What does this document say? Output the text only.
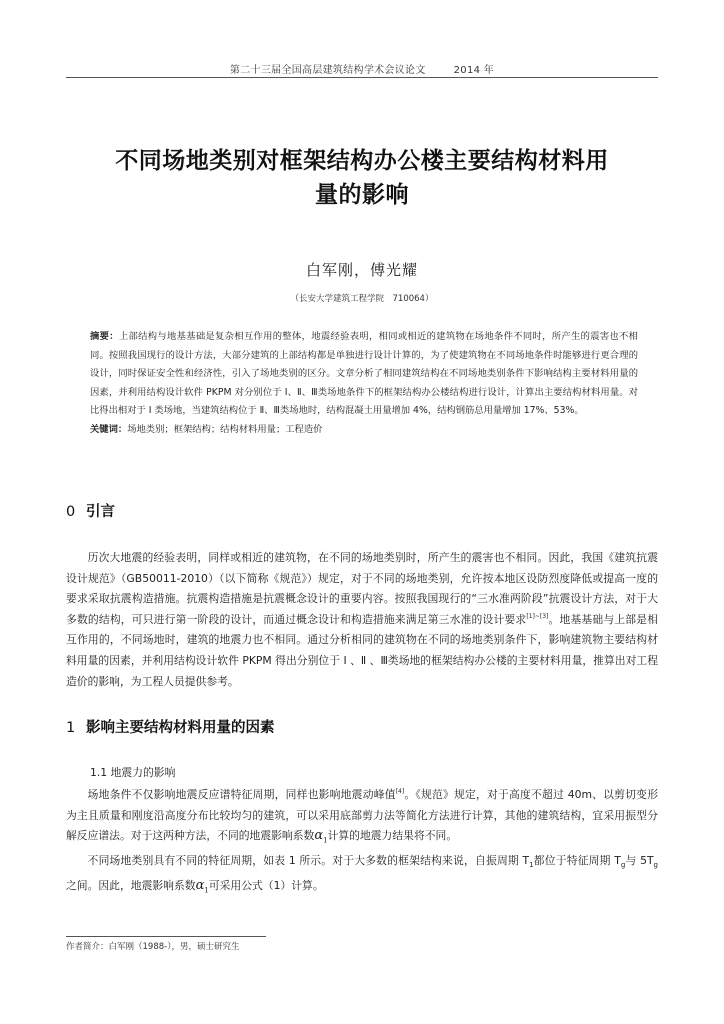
第二十三届全国高层建筑结构学术会议论文	2014 年
不同场地类别对框架结构办公楼主要结构材料用
量的影响
白军刚，傅光耀
（长安大学建筑工程学院　710064）
摘要：上部结构与地基基础是复杂相互作用的整体，地震经验表明，相同或相近的建筑物在场地条件不同时，所产生的震害也不相同。按照我国现行的设计方法，大部分建筑的上部结构都是单独进行设计计算的，为了使建筑物在不同场地条件时能够进行更合理的设计，同时保证安全性和经济性，引入了场地类别的区分。文章分析了相同建筑结构在不同场地类别条件下影响结构主要材料用量的因素，并利用结构设计软件 PKPM 对分别位于 Ⅰ、Ⅱ、Ⅲ类场地条件下的框架结构办公楼结构进行设计，计算出主要结构材料用量。对比得出相对于 Ⅰ 类场地，当建筑结构位于 Ⅱ、Ⅲ类场地时，结构混凝土用量增加 4%，结构钢筋总用量增加 17%、53%。
关键词：场地类别；框架结构；结构材料用量；工程造价
0 引言

历次大地震的经验表明，同样或相近的建筑物，在不同的场地类别时，所产生的震害也不相同。因此，我国《建筑抗震设计规范》（GB50011-2010）（以下简称《规范》）规定，对于不同的场地类别，允许按本地区设防烈度降低或提高一度的要求采取抗震构造措施。抗震构造措施是抗震概念设计的重要内容。按照我国现行的“三水准两阶段”抗震设计方法，对于大多数的结构，可只进行第一阶段的设计，而通过概念设计和构造措施来满足第三水准的设计要求[1]~[3]。地基基础与上部是相互作用的，不同场地时，建筑的地震力也不相同。通过分析相同的建筑物在不同的场地类别条件下，影响建筑物主要结构材料用量的因素，并利用结构设计软件 PKPM 得出分别位于 Ⅰ 、Ⅱ 、Ⅲ类场地的框架结构办公楼的主要材料用量，推算出对工程造价的影响，为工程人员提供参考。

1 影响主要结构材料用量的因素
1.1 地震力的影响

场地条件不仅影响地震反应谱特征周期，同样也影响地震动峰值[4]。《规范》规定，对于高度不超过 40m、以剪切变形为主且质量和刚度沿高度分布比较均匀的建筑，可以采用底部剪力法等简化方法进行计算，其他的建筑结构，宜采用振型分解反应谱法。对于这两种方法，不同的地震影响系数$\alpha_1$计算的地震力结果将不同。

不同场地类别具有不同的特征周期，如表 1 所示。对于大多数的框架结构来说，自振周期 $T_1$都位于特征周期 $T_g$与 $5T_g$之间。因此，地震影响系数$\alpha_1$可采用公式（1）计算。

作者简介：白军刚（1988-），男，硕士研究生
